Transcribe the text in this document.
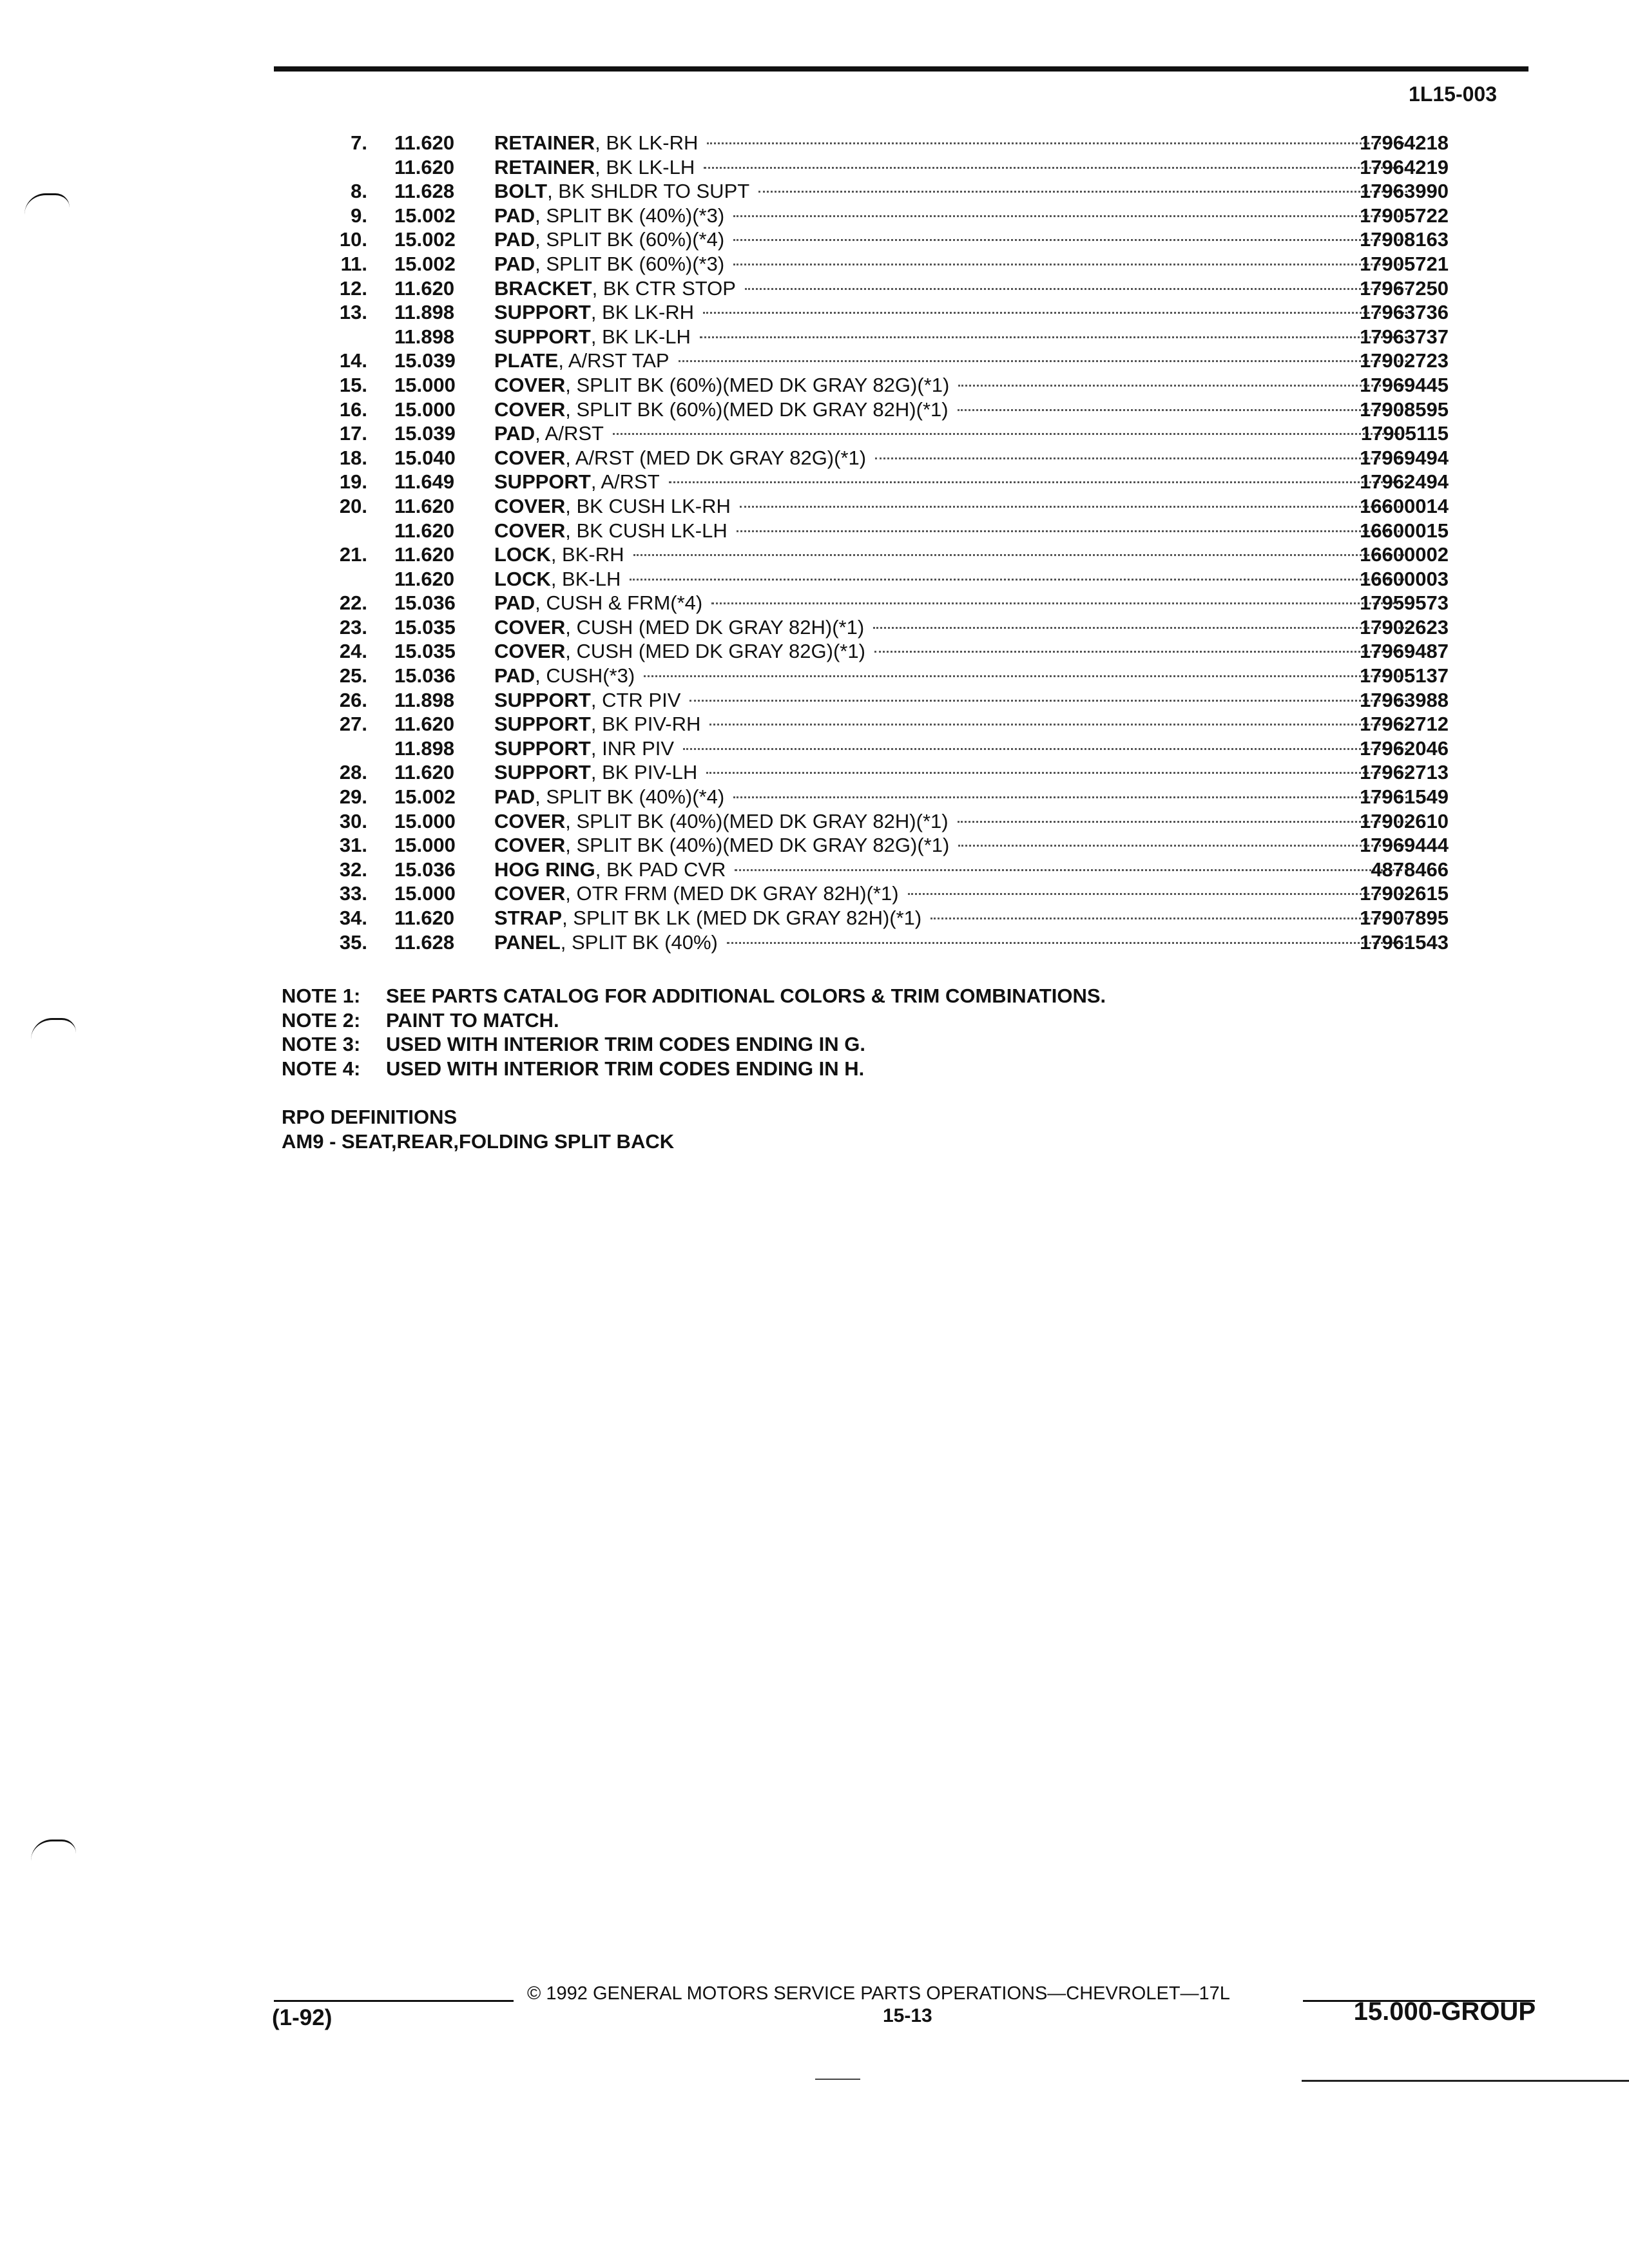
1L15-003
7. 11.620	RETAINER , BK LK-RH	17964218
11.620	RETAINER , BK LK-LH	17964219
8. 11.628	BOLT , BK SHLDR TO SUPT	17963990
9. 15.002	PAD , SPLIT BK (40%)(*3)	17905722
10. 15.002	PAD , SPLIT BK (60%)(*4)	17908163
11. 15.002	PAD , SPLIT BK (60%)(*3)	17905721
12. 11.620	BRACKET , BK CTR STOP	17967250
13. 11.898	SUPPORT , BK LK-RH	17963736
11.898	SUPPORT , BK LK-LH	17963737
14. 15.039	PLATE , A/RST TAP	17902723
15. 15.000	COVER , SPLIT BK (60%)(MED DK GRAY 82G)(*1)	17969445
16. 15.000	COVER , SPLIT BK (60%)(MED DK GRAY 82H)(*1)	17908595
17. 15.039	PAD , A/RST	17905115
18. 15.040	COVER , A/RST (MED DK GRAY 82G)(*1)	17969494
19. 11.649	SUPPORT , A/RST	17962494
20. 11.620	COVER , BK CUSH LK-RH	16600014
11.620	COVER , BK CUSH LK-LH	16600015
21. 11.620	LOCK , BK-RH	16600002
11.620	LOCK , BK-LH	16600003
22. 15.036	PAD , CUSH & FRM(*4)	17959573
23. 15.035	COVER , CUSH (MED DK GRAY 82H)(*1)	17902623
24. 15.035	COVER , CUSH (MED DK GRAY 82G)(*1)	17969487
25. 15.036	PAD , CUSH(*3)	17905137
26. 11.898	SUPPORT , CTR PIV	17963988
27. 11.620	SUPPORT , BK PIV-RH	17962712
11.898	SUPPORT , INR PIV	17962046
28. 11.620	SUPPORT , BK PIV-LH	17962713
29. 15.002	PAD , SPLIT BK (40%)(*4)	17961549
30. 15.000	COVER , SPLIT BK (40%)(MED DK GRAY 82H)(*1)	17902610
31. 15.000	COVER , SPLIT BK (40%)(MED DK GRAY 82G)(*1)	17969444
32. 15.036	HOG RING , BK PAD CVR	4878466
33. 15.000	COVER , OTR FRM (MED DK GRAY 82H)(*1)	17902615
34. 11.620	STRAP , SPLIT BK LK (MED DK GRAY 82H)(*1)	17907895
35. 11.628	PANEL , SPLIT BK (40%)	17961543
NOTE 1: SEE PARTS CATALOG FOR ADDITIONAL COLORS & TRIM COMBINATIONS.
NOTE 2: PAINT TO MATCH.
NOTE 3: USED WITH INTERIOR TRIM CODES ENDING IN G.
NOTE 4: USED WITH INTERIOR TRIM CODES ENDING IN H.
RPO DEFINITIONS
AM9 - SEAT,REAR,FOLDING SPLIT BACK
(1-92)
© 1992 GENERAL MOTORS SERVICE PARTS OPERATIONS—CHEVROLET—17L
15-13	15.000-GROUP
